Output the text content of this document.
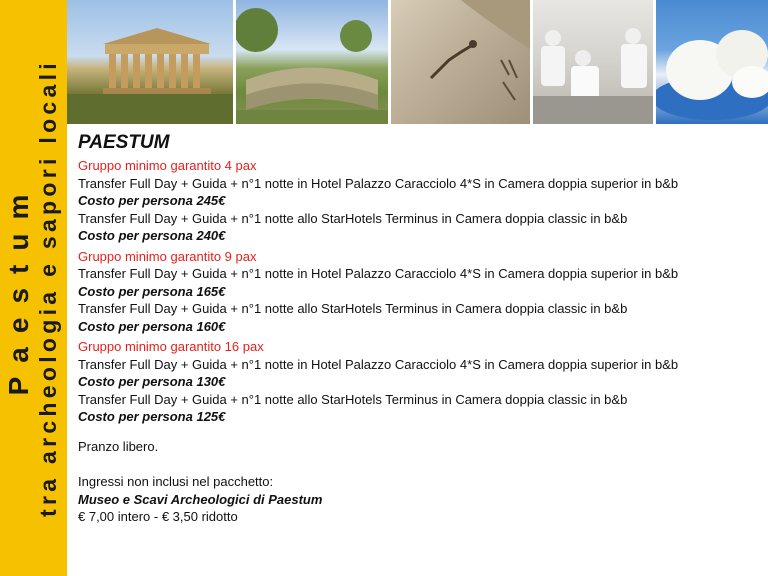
Paestum tra archeologia e sapori locali PAESTUM
Gruppo minimo garantito 4 pax
Transfer Full Day + Guida + n°1 notte in Hotel Palazzo Caracciolo 4*S in Camera doppia superior in b&b
Costo per persona 245€
Transfer Full Day + Guida + n°1 notte allo StarHotels Terminus in Camera doppia classic in b&b
Costo per persona 240€
Gruppo minimo garantito 9 pax
Transfer Full Day + Guida + n°1 notte in Hotel Palazzo Caracciolo 4*S in Camera doppia superior in b&b
Costo per persona 165€
Transfer Full Day + Guida + n°1 notte allo StarHotels Terminus in Camera doppia classic in b&b
Costo per persona 160€
Gruppo minimo garantito 16 pax
Transfer Full Day + Guida + n°1 notte in Hotel Palazzo Caracciolo 4*S in Camera doppia superior in b&b
Costo per persona 130€
Transfer Full Day + Guida + n°1 notte allo StarHotels Terminus in Camera doppia classic in b&b
Costo per persona 125€
Pranzo libero.
Ingressi non inclusi nel pacchetto:
Museo e Scavi Archeologici di Paestum
€ 7,00 intero - € 3,50 ridotto
